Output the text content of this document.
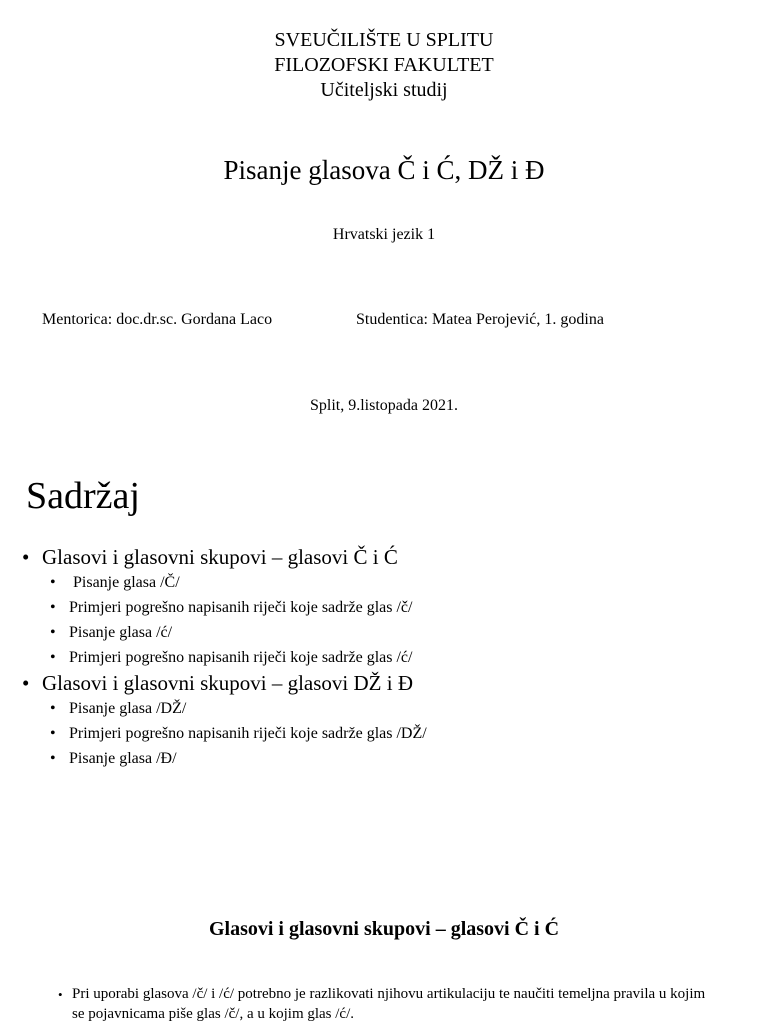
SVEUČILIŠTE U SPLITU
FILOZOFSKI FAKULTET
Učiteljski studij
Pisanje glasova Č i Ć, DŽ i Đ
Hrvatski jezik 1
Mentorica: doc.dr.sc. Gordana Laco	Studentica: Matea Perojević, 1. godina
Split, 9.listopada 2021.
Sadržaj
• Glasovi i glasovni skupovi – glasovi Č i Ć
• Pisanje glasa /Č/
• Primjeri pogrešno napisanih riječi koje sadrže glas /č/
• Pisanje glasa /ć/
• Primjeri pogrešno napisanih riječi koje sadrže glas /ć/
• Glasovi i glasovni skupovi – glasovi DŽ i Đ
• Pisanje glasa /DŽ/
• Primjeri pogrešno napisanih riječi koje sadrže glas /DŽ/
• Pisanje glasa /Đ/
Glasovi i glasovni skupovi – glasovi Č i Ć
• Pri uporabi glasova /č/ i /ć/ potrebno je razlikovati njihovu artikulaciju te naučiti temeljna pravila u kojim se pojavnicama piše glas /č/, a u kojim glas /ć/.
